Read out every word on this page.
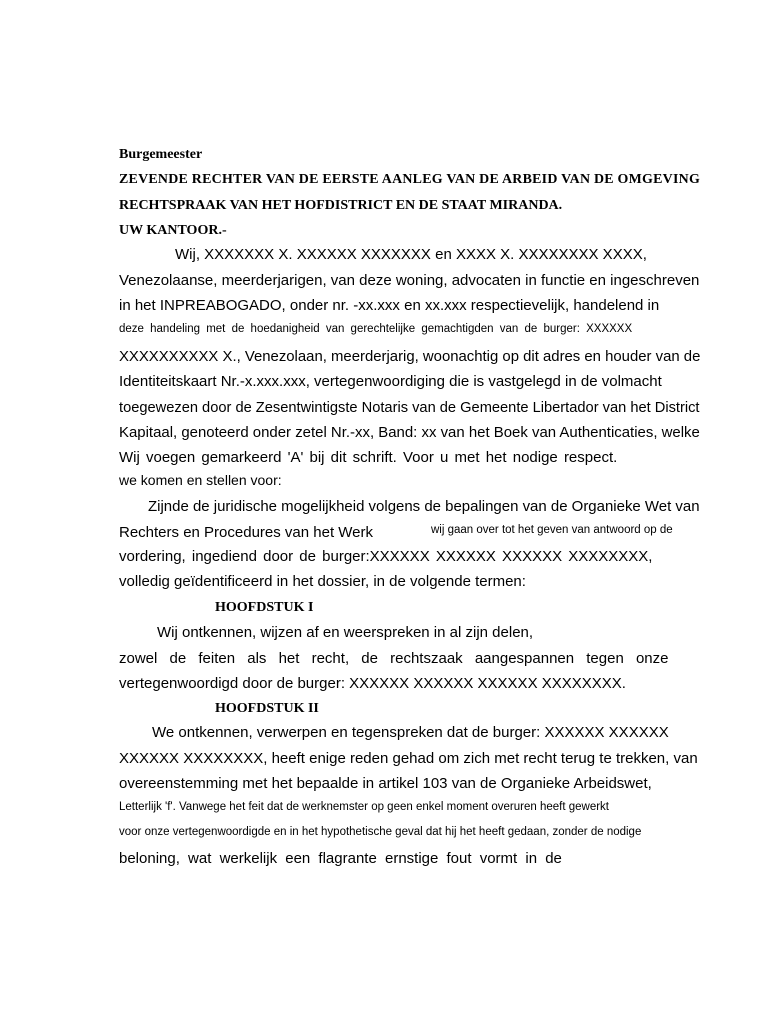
Burgemeester
ZEVENDE RECHTER VAN DE EERSTE AANLEG VAN DE ARBEID VAN DE OMGEVING
RECHTSPRAAK VAN HET HOFDISTRICT EN DE STAAT MIRANDA.
UW KANTOOR.-
Wij, XXXXXXX X. XXXXXX XXXXXXX en XXXX X. XXXXXXXX XXXX,
Venezolaanse, meerderjarigen, van deze woning, advocaten in functie en ingeschreven
in het INPREABOGADO, onder nr. -xx.xxx en xx.xxx respectievelijk, handelend in
deze handeling met de hoedanigheid van gerechtelijke gemachtigden van de burger: XXXXXX
XXXXXXXXXX X., Venezolaan, meerderjarig, woonachtig op dit adres en houder van de
Identiteitskaart Nr.-x.xxx.xxx, vertegenwoordiging die is vastgelegd in de volmacht
toegewezen door de Zesentwintigste Notaris van de Gemeente Libertador van het District
Kapitaal, genoteerd onder zetel Nr.-xx, Band: xx van het Boek van Authenticaties, welke
Wij voegen gemarkeerd 'A' bij dit schrift. Voor u met het nodige respect.
we komen en stellen voor:
Zijnde de juridische mogelijkheid volgens de bepalingen van de Organieke Wet van
Rechters en Procedures van het Werk	wij gaan over tot het geven van antwoord op de
vordering, ingediend door de burger:XXXXXX XXXXXX XXXXXX XXXXXXXX,
volledig geïdentificeerd in het dossier, in de volgende termen:
HOOFDSTUK I
Wij ontkennen, wijzen af en weerspreken in al zijn delen,
zowel de feiten als het recht, de rechtszaak aangespannen tegen onze
vertegenwoordigd door de burger: XXXXXX XXXXXX XXXXXX XXXXXXXX.
HOOFDSTUK II
We ontkennen, verwerpen en tegenspreken dat de burger: XXXXXX XXXXXX
XXXXXX XXXXXXXX, heeft enige reden gehad om zich met recht terug te trekken, van
overeenstemming met het bepaalde in artikel 103 van de Organieke Arbeidswet,
Letterlijk 'f'. Vanwege het feit dat de werknemster op geen enkel moment overuren heeft gewerkt
voor onze vertegenwoordigde en in het hypothetische geval dat hij het heeft gedaan, zonder de nodige
beloning, wat werkelijk een flagrante ernstige fout vormt in de
